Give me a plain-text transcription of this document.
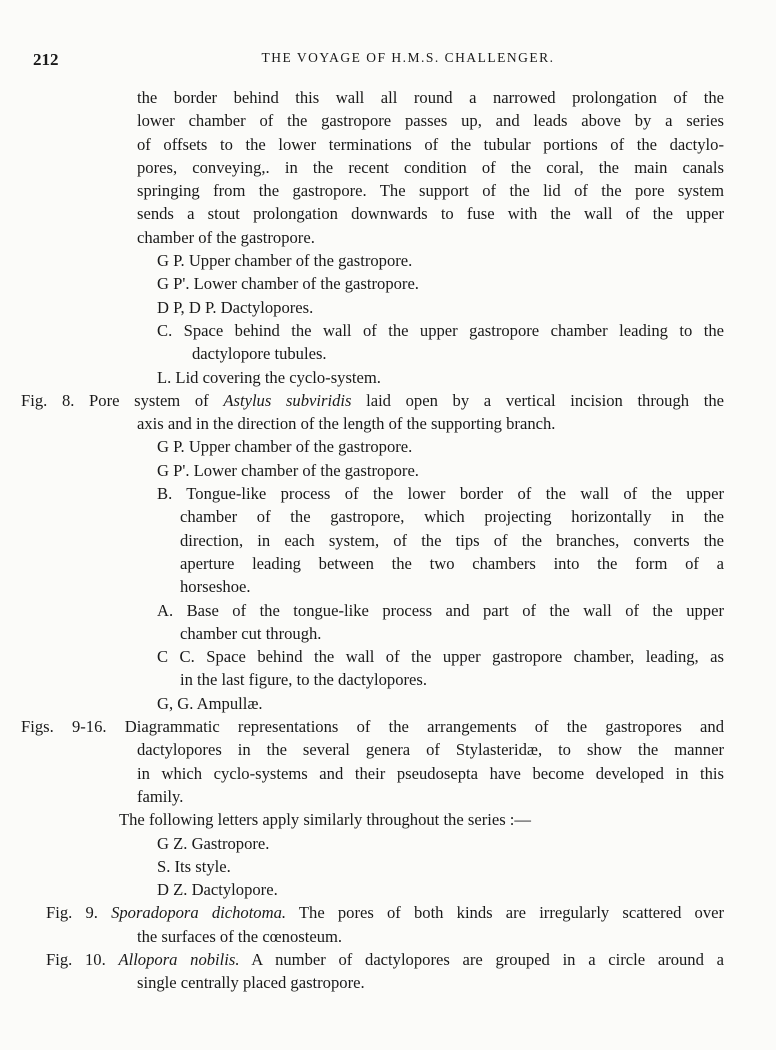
212	THE VOYAGE OF H.M.S. CHALLENGER.
the border behind this wall all round a narrowed prolongation of the
lower chamber of the gastropore passes up, and leads above by a series
of offsets to the lower terminations of the tubular portions of the dactylo-
pores, conveying,. in the recent condition of the coral, the main canals
springing from the gastropore. The support of the lid of the pore system
sends a stout prolongation downwards to fuse with the wall of the upper
chamber of the gastropore.
G P. Upper chamber of the gastropore.
G P'. Lower chamber of the gastropore.
D P, D P. Dactylopores.
C. Space behind the wall of the upper gastropore chamber leading to the
dactylopore tubules.
L. Lid covering the cyclo-system.
Fig. 8. Pore system of Astylus subviridis laid open by a vertical incision through the
axis and in the direction of the length of the supporting branch.
G P. Upper chamber of the gastropore.
G P'. Lower chamber of the gastropore.
B. Tongue-like process of the lower border of the wall of the upper
chamber of the gastropore, which projecting horizontally in the
direction, in each system, of the tips of the branches, converts the
aperture leading between the two chambers into the form of a
horseshoe.
A. Base of the tongue-like process and part of the wall of the upper
chamber cut through.
C C. Space behind the wall of the upper gastropore chamber, leading, as
in the last figure, to the dactylopores.
G, G. Ampullæ.
Figs. 9-16. Diagrammatic representations of the arrangements of the gastropores and
dactylopores in the several genera of Stylasteridæ, to show the manner
in which cyclo-systems and their pseudosepta have become developed in this
family.
The following letters apply similarly throughout the series :—
G Z. Gastropore.
S. Its style.
D Z. Dactylopore.
Fig. 9. Sporadopora dichotoma. The pores of both kinds are irregularly scattered over
the surfaces of the cœnosteum.
Fig. 10. Allopora nobilis. A number of dactylopores are grouped in a circle around a
single centrally placed gastropore.
